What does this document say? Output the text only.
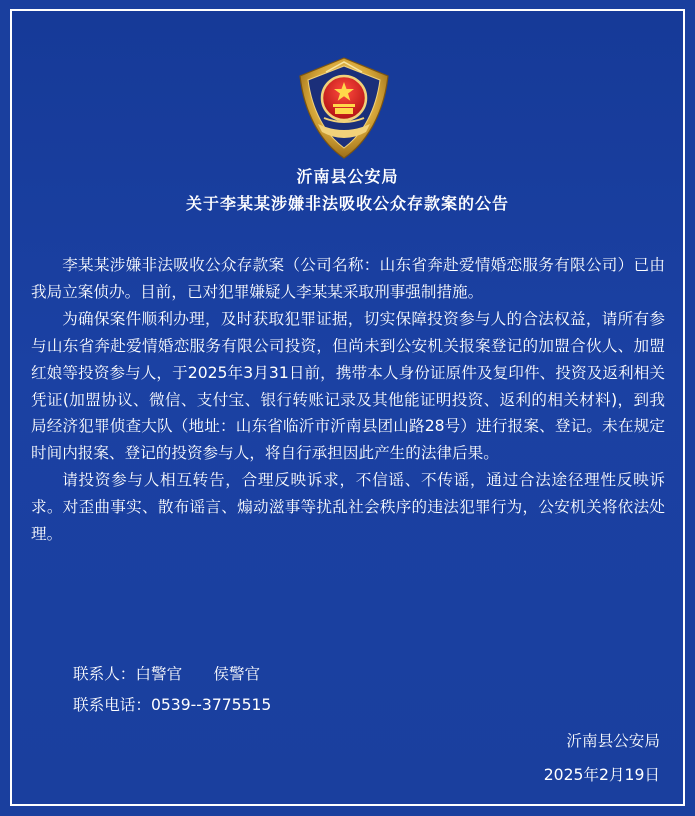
沂南县公安局
关于李某某涉嫌非法吸收公众存款案的公告

李某某涉嫌非法吸收公众存款案（公司名称：山东省奔赴爱情婚恋服务有限公司）已由我局立案侦办。目前，已对犯罪嫌疑人李某某采取刑事强制措施。

为确保案件顺利办理，及时获取犯罪证据，切实保障投资参与人的合法权益，请所有参与山东省奔赴爱情婚恋服务有限公司投资，但尚未到公安机关报案登记的加盟合伙人、加盟红娘等投资参与人，于2025年3月31日前，携带本人身份证原件及复印件、投资及返利相关凭证(加盟协议、微信、支付宝、银行转账记录及其他能证明投资、返利的相关材料)，到我局经济犯罪侦查大队（地址：山东省临沂市沂南县团山路28号）进行报案、登记。未在规定时间内报案、登记的投资参与人，将自行承担因此产生的法律后果。

请投资参与人相互转告，合理反映诉求，不信谣、不传谣，通过合法途径理性反映诉求。对歪曲事实、散布谣言、煽动滋事等扰乱社会秩序的违法犯罪行为，公安机关将依法处理。

联系人：白警官　　侯警官
联系电话：0539--3775515
沂南县公安局
2025年2月19日
